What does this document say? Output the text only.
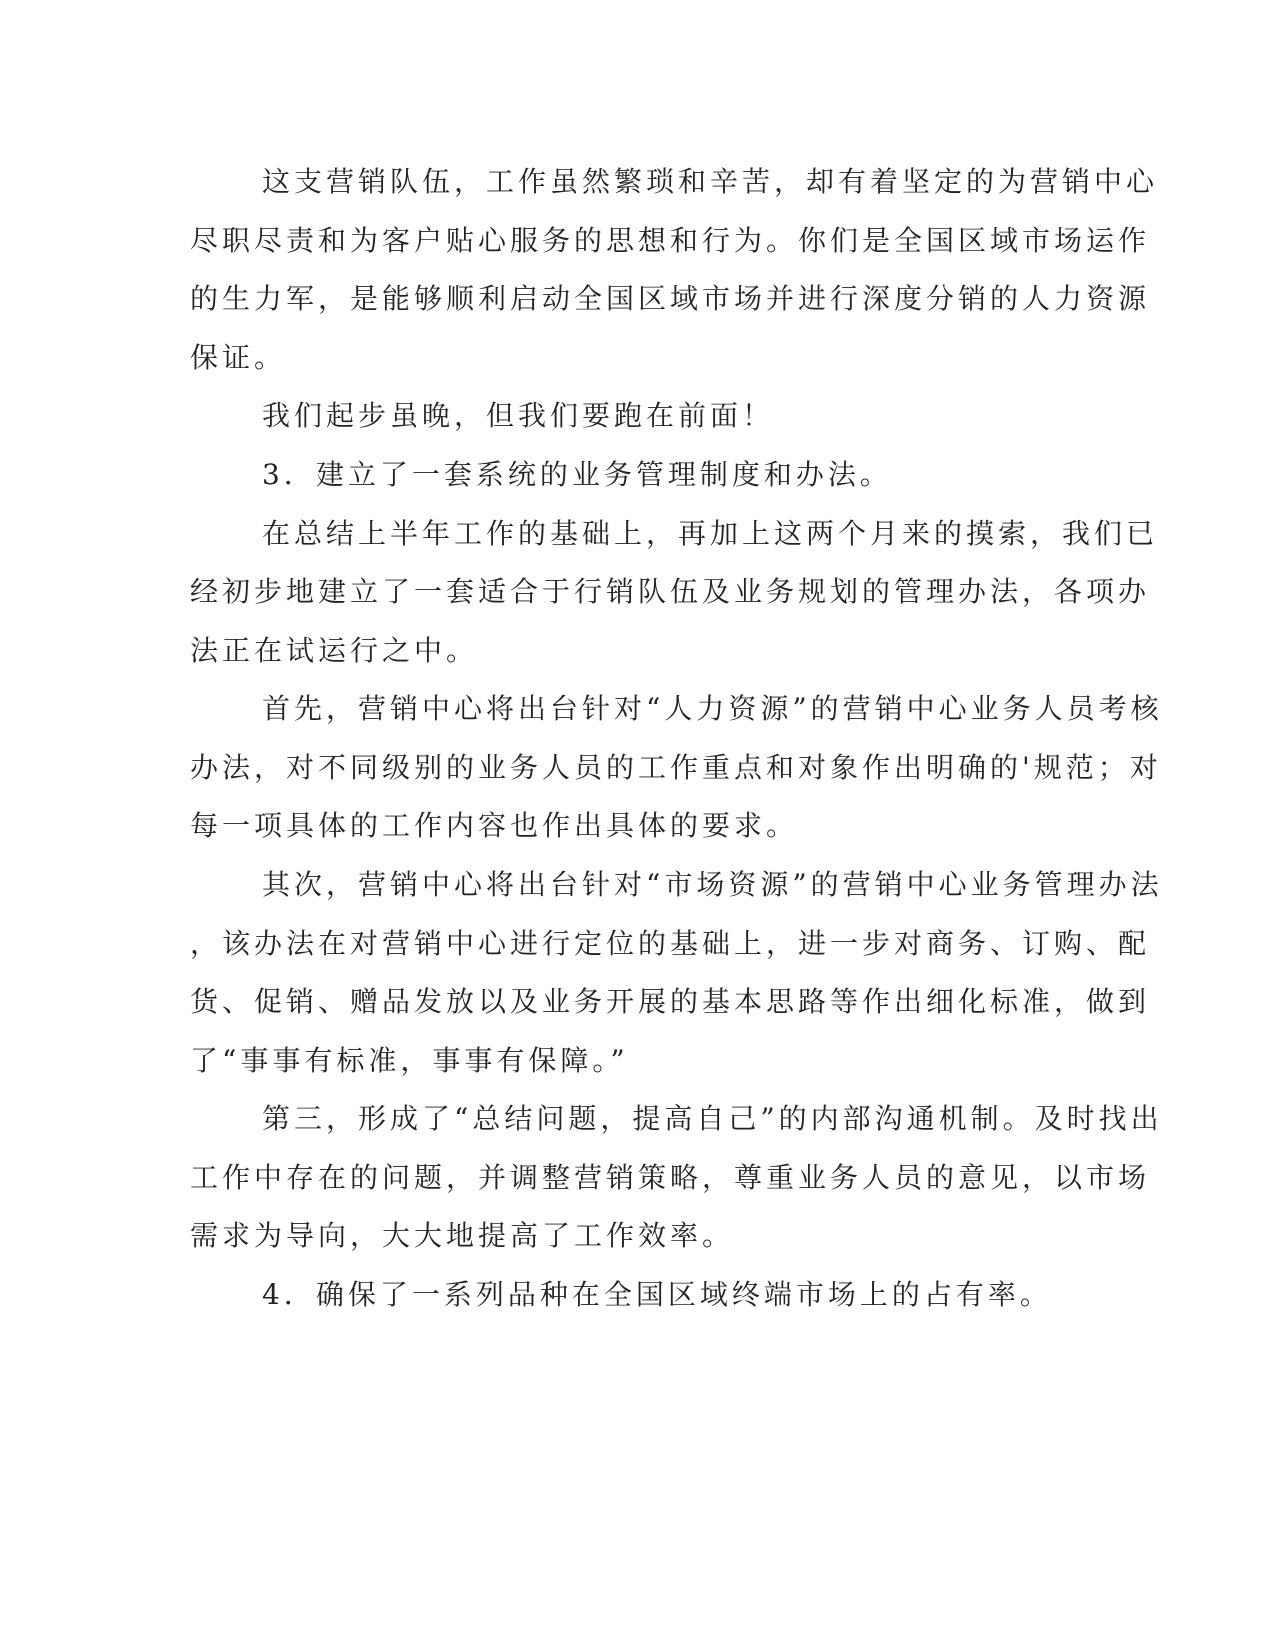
这支营销队伍，工作虽然繁琐和辛苦，却有着坚定的为营销中心
尽职尽责和为客户贴心服务的思想和行为。你们是全国区域市场运作
的生力军，是能够顺利启动全国区域市场并进行深度分销的人力资源
保证。
我们起步虽晚，但我们要跑在前面！
3．建立了一套系统的业务管理制度和办法。
在总结上半年工作的基础上，再加上这两个月来的摸索，我们已
经初步地建立了一套适合于行销队伍及业务规划的管理办法，各项办
法正在试运行之中。
首先，营销中心将出台针对“人力资源”的营销中心业务人员考核
办法，对不同级别的业务人员的工作重点和对象作出明确的'规范；对
每一项具体的工作内容也作出具体的要求。
其次，营销中心将出台针对“市场资源”的营销中心业务管理办法
，该办法在对营销中心进行定位的基础上，进一步对商务、订购、配
货、促销、赠品发放以及业务开展的基本思路等作出细化标准，做到
了“事事有标准，事事有保障。”
第三，形成了“总结问题，提高自己”的内部沟通机制。及时找出
工作中存在的问题，并调整营销策略，尊重业务人员的意见，以市场
需求为导向，大大地提高了工作效率。
4．确保了一系列品种在全国区域终端市场上的占有率。
